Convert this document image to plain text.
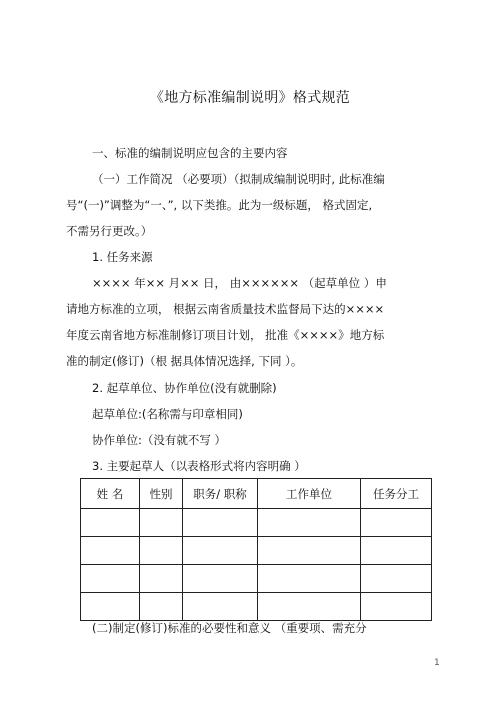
《地方标准编制说明》格式规范
一、标准的编制说明应包含的主要内容
（一）工作简况 （必要项）（拟制成编制说明时, 此标准编
号“(一)”调整为“一、”, 以下类推。此为一级标题， 格式固定,
不需另行更改。）
1. 任务来源
×××× 年×× 月×× 日， 由×××××× （起草单位 ）申
请地方标准的立项， 根据云南省质量技术监督局下达的××××
年度云南省地方标准制修订项目计划， 批准《××××》地方标
准的制定(修订)（根 据具体情况选择, 下同 ）。
2. 起草单位、协作单位(没有就删除)
起草单位:(名称需与印章相同)
协作单位:（没有就不写 ）
3. 主要起草人（以表格形式将内容明确 ）
姓 名	性别	职务/ 职称	工作单位	任务分工

(二)制定(修订)标准的必要性和意义 （重要项、需充分
1
